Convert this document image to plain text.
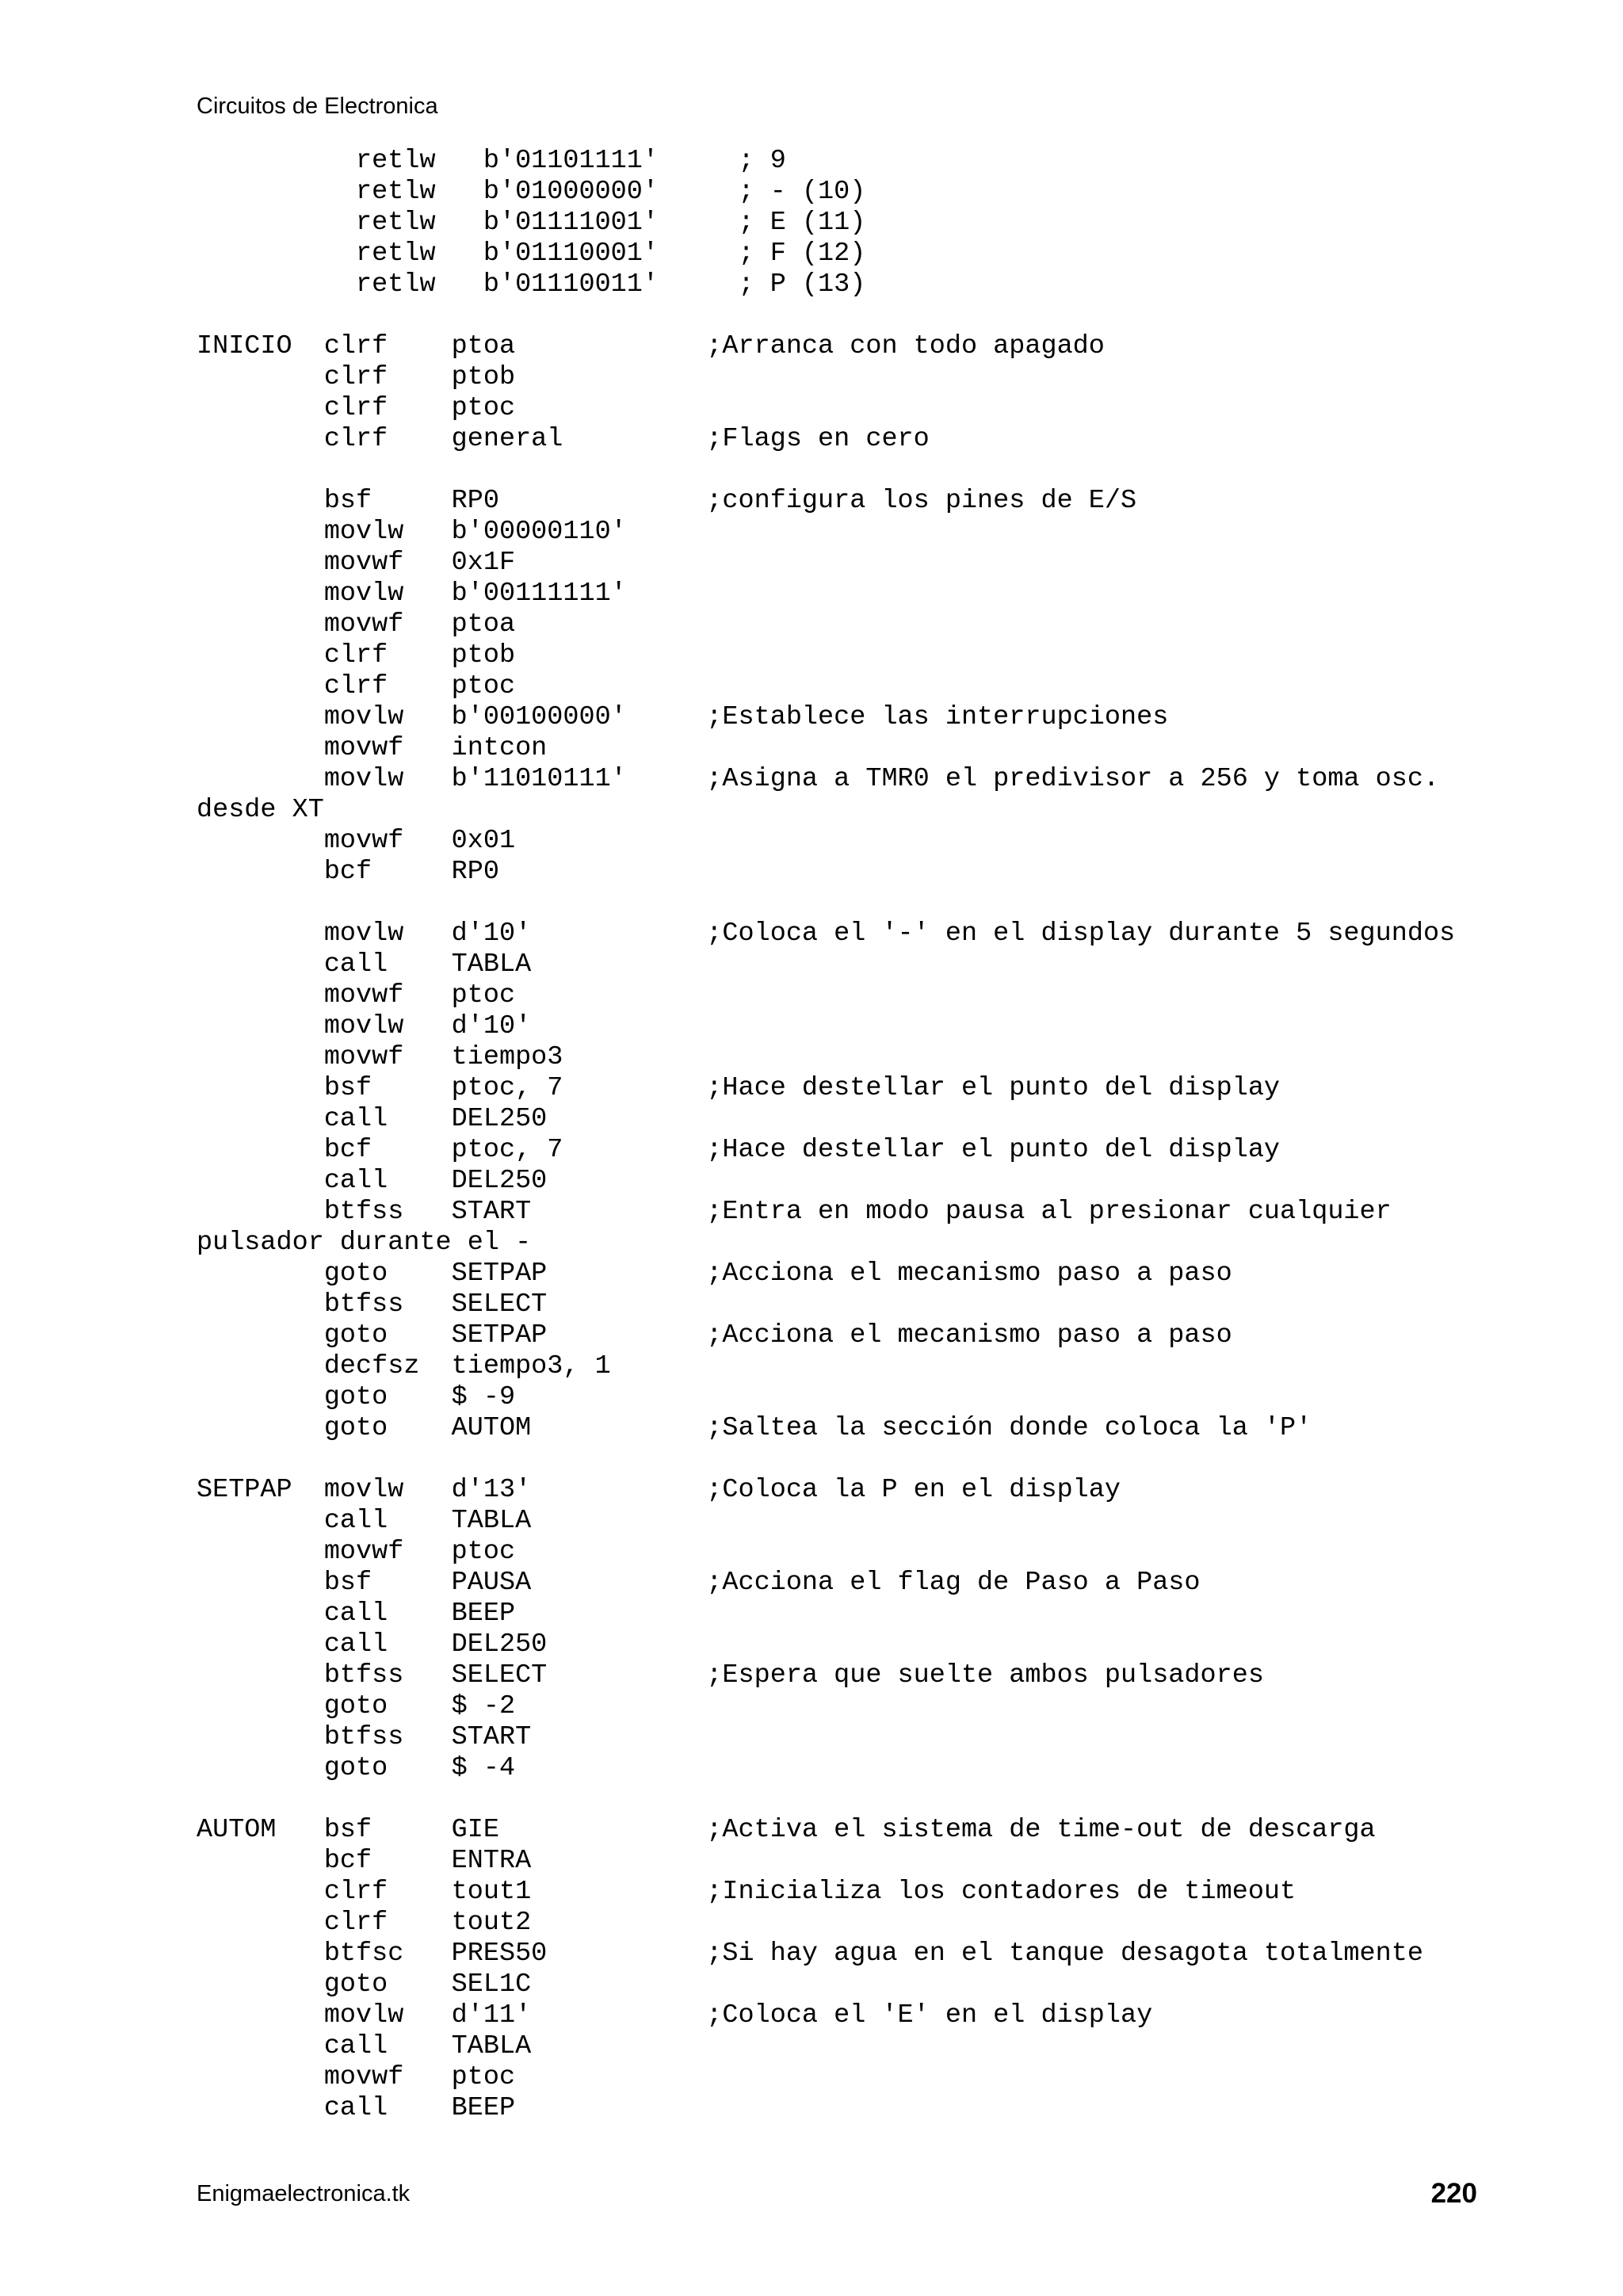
Circuitos de Electronica
retlw   b'01101111'     ; 9
retlw   b'01000000'     ; - (10)
retlw   b'01111001'     ; E (11)
retlw   b'01110001'     ; F (12)
retlw   b'01110011'     ; P (13)
INICIO  clrf    ptoa            ;Arranca con todo apagado
clrf    ptob
clrf    ptoc
clrf    general         ;Flags en cero
bsf     RP0             ;configura los pines de E/S
movlw   b'00000110'
movwf   0x1F
movlw   b'00111111'
movwf   ptoa
clrf    ptob
clrf    ptoc
movlw   b'00100000'     ;Establece las interrupciones
movwf   intcon
movlw   b'11010111'     ;Asigna a TMR0 el predivisor a 256 y toma osc.
desde XT
movwf   0x01
bcf     RP0
movlw   d'10'           ;Coloca el '-' en el display durante 5 segundos
call    TABLA
movwf   ptoc
movlw   d'10'
movwf   tiempo3
bsf     ptoc, 7         ;Hace destellar el punto del display
call    DEL250
bcf     ptoc, 7         ;Hace destellar el punto del display
call    DEL250
btfss   START           ;Entra en modo pausa al presionar cualquier
pulsador durante el -
goto    SETPAP          ;Acciona el mecanismo paso a paso
btfss   SELECT
goto    SETPAP          ;Acciona el mecanismo paso a paso
decfsz  tiempo3, 1
goto    $ -9
goto    AUTOM           ;Saltea la sección donde coloca la 'P'
SETPAP  movlw   d'13'           ;Coloca la P en el display
call    TABLA
movwf   ptoc
bsf     PAUSA           ;Acciona el flag de Paso a Paso
call    BEEP
call    DEL250
btfss   SELECT          ;Espera que suelte ambos pulsadores
goto    $ -2
btfss   START
goto    $ -4
AUTOM   bsf     GIE             ;Activa el sistema de time-out de descarga
bcf     ENTRA
clrf    tout1           ;Inicializa los contadores de timeout
clrf    tout2
btfsc   PRES50          ;Si hay agua en el tanque desagota totalmente
goto    SEL1C
movlw   d'11'           ;Coloca el 'E' en el display
call    TABLA
movwf   ptoc
call    BEEP
Enigmaelectronica.tk	220
